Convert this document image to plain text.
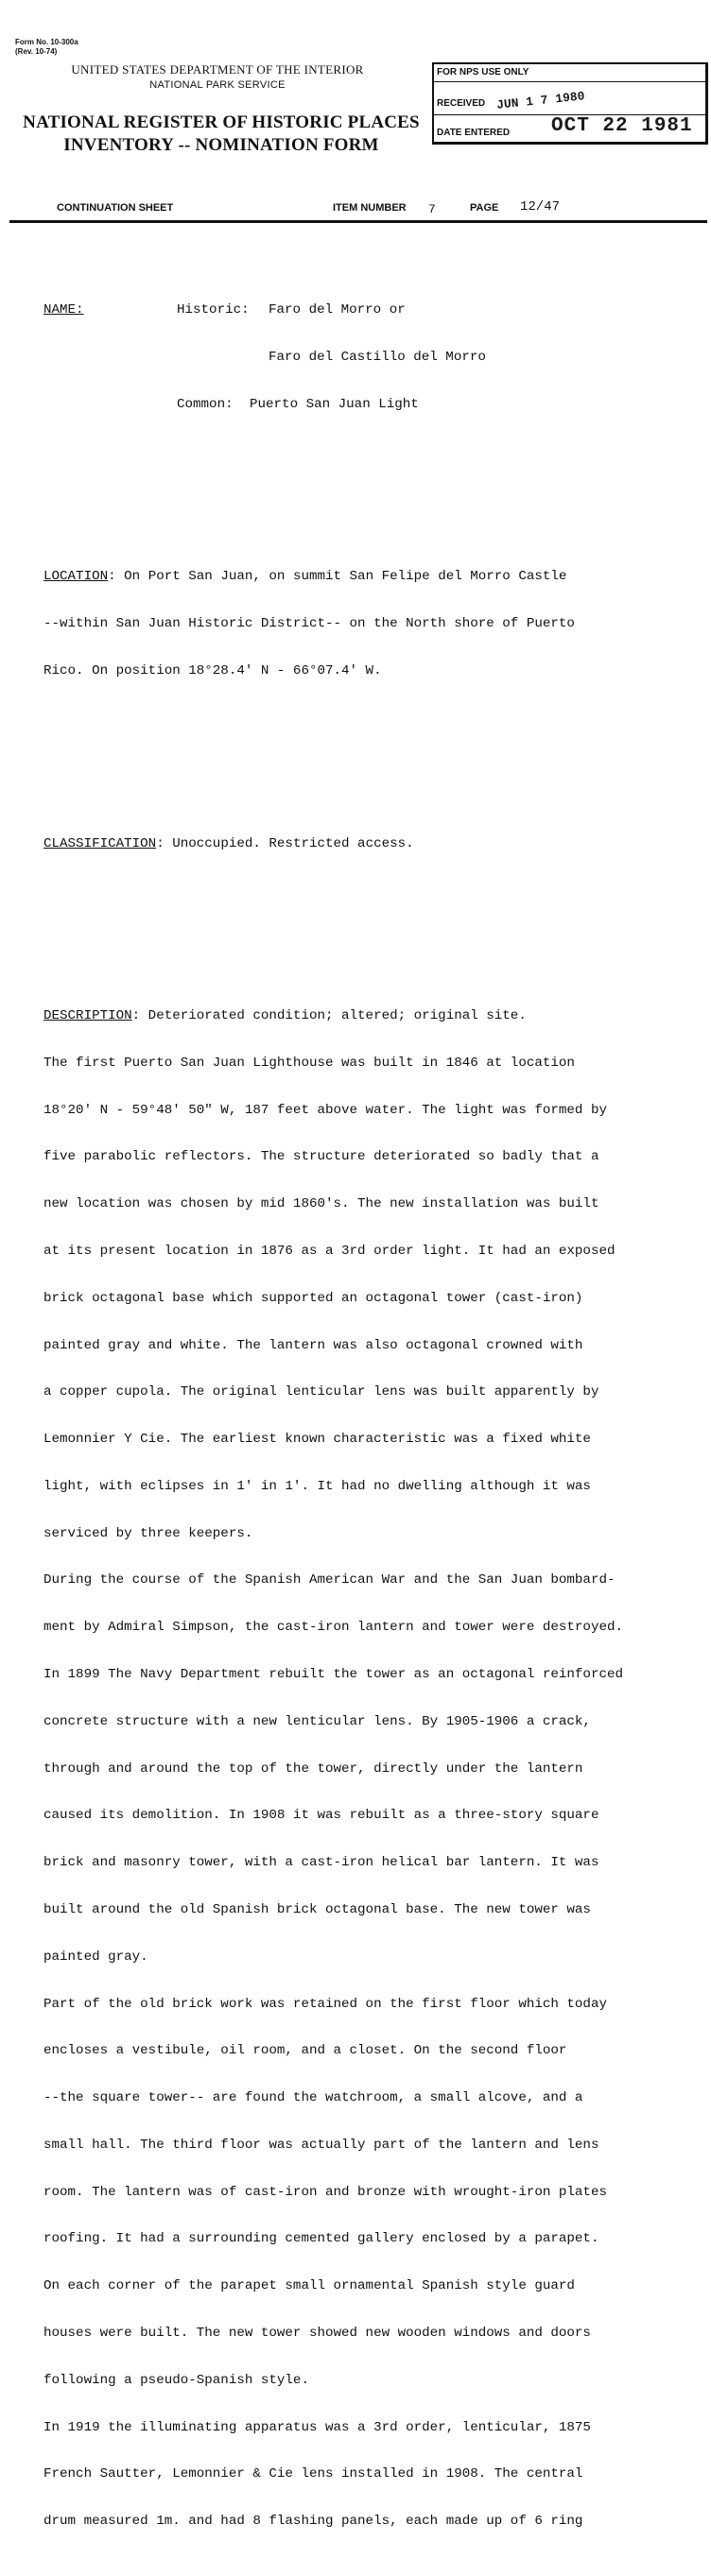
Form No. 10-300a
(Rev. 10-74)
UNITED STATES DEPARTMENT OF THE INTERIOR
NATIONAL PARK SERVICE
NATIONAL REGISTER OF HISTORIC PLACES
INVENTORY -- NOMINATION FORM
FOR NPS USE ONLY
RECEIVED JUN 1 7 1980
DATE ENTERED OCT 22 1981
CONTINUATION SHEET	ITEM NUMBER 7	PAGE 12/47

NAME:	Historic: Faro del Morro or

Faro del Castillo del Morro

Common: Puerto San Juan Light

LOCATION: On Port San Juan, on summit San Felipe del Morro Castle

--within San Juan Historic District-- on the North shore of Puerto

Rico. On position 18°28.4' N - 66°07.4' W.

CLASSIFICATION: Unoccupied. Restricted access.

DESCRIPTION: Deteriorated condition; altered; original site.

The first Puerto San Juan Lighthouse was built in 1846 at location

18°20' N - 59°48' 50" W, 187 feet above water. The light was formed by

five parabolic reflectors. The structure deteriorated so badly that a

new location was chosen by mid 1860's. The new installation was built

at its present location in 1876 as a 3rd order light. It had an exposed

brick octagonal base which supported an octagonal tower (cast-iron)

painted gray and white. The lantern was also octagonal crowned with

a copper cupola. The original lenticular lens was built apparently by

Lemonnier Y Cie. The earliest known characteristic was a fixed white

light, with eclipses in 1' in 1'. It had no dwelling although it was

serviced by three keepers.

During the course of the Spanish American War and the San Juan bombard-

ment by Admiral Simpson, the cast-iron lantern and tower were destroyed.

In 1899 The Navy Department rebuilt the tower as an octagonal reinforced

concrete structure with a new lenticular lens. By 1905-1906 a crack,

through and around the top of the tower, directly under the lantern

caused its demolition. In 1908 it was rebuilt as a three-story square

brick and masonry tower, with a cast-iron helical bar lantern. It was

built around the old Spanish brick octagonal base. The new tower was

painted gray.

Part of the old brick work was retained on the first floor which today

encloses a vestibule, oil room, and a closet. On the second floor

--the square tower-- are found the watchroom, a small alcove, and a

small hall. The third floor was actually part of the lantern and lens

room. The lantern was of cast-iron and bronze with wrought-iron plates

roofing. It had a surrounding cemented gallery enclosed by a parapet.

On each corner of the parapet small ornamental Spanish style guard

houses were built. The new tower showed new wooden windows and doors

following a pseudo-Spanish style.

In 1919 the illuminating apparatus was a 3rd order, lenticular, 1875

French Sautter, Lemonnier & Cie lens installed in 1908. The central

drum measured 1m. and had 8 flashing panels, each made up of 6 ring
